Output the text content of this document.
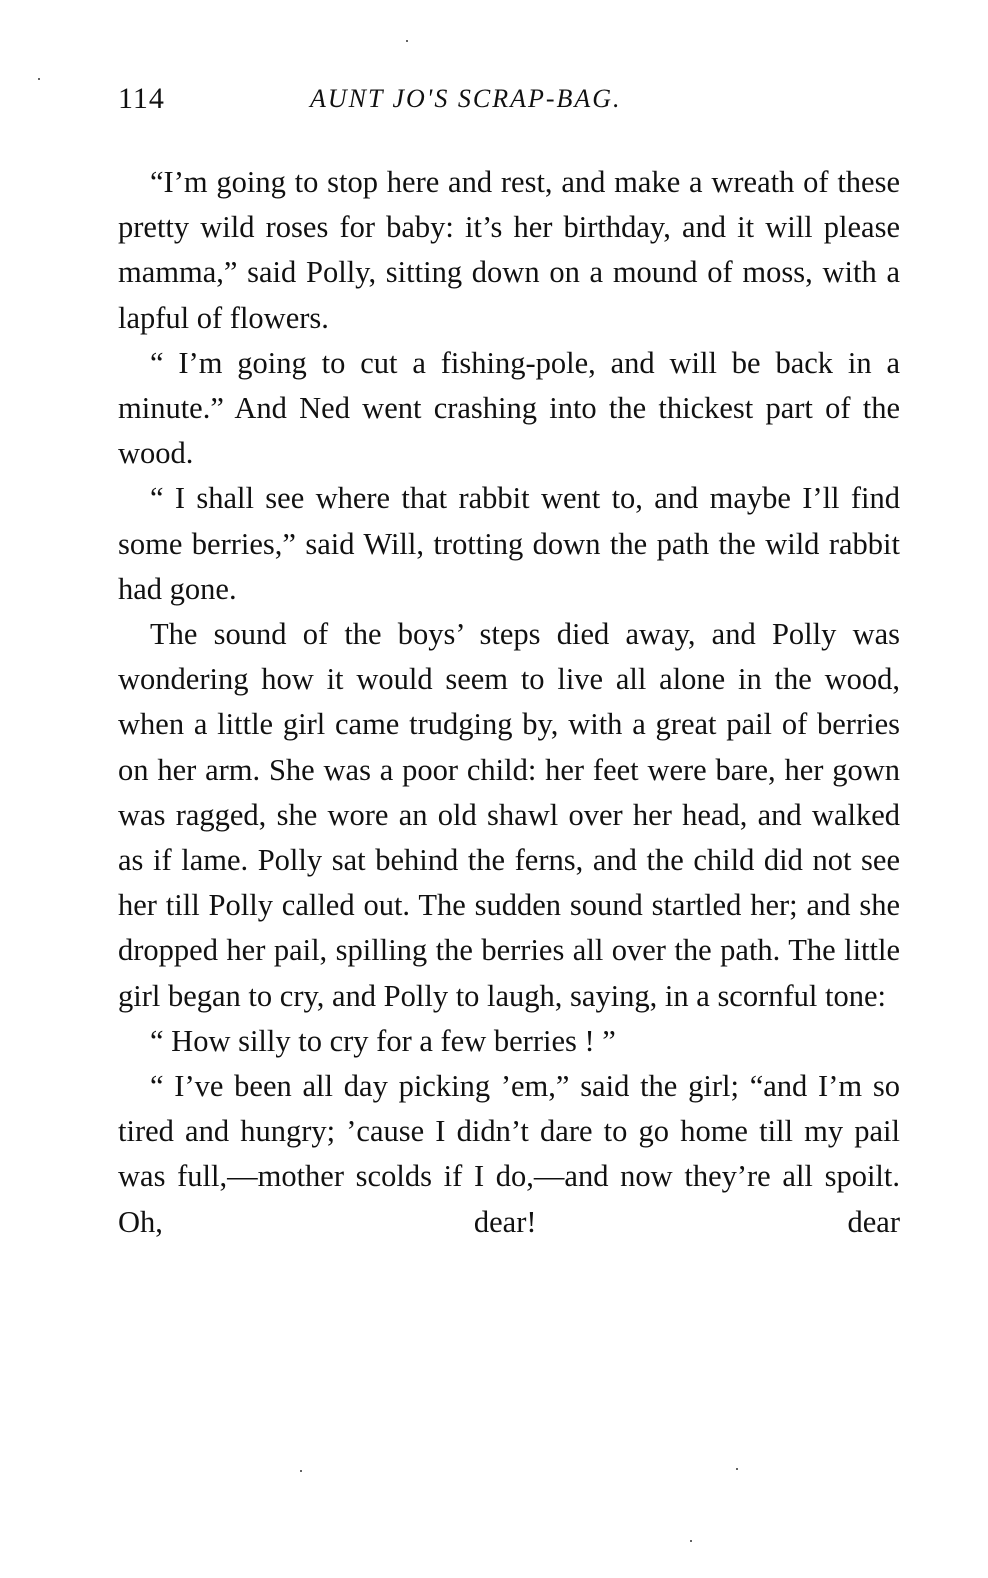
114	AUNT JO'S SCRAP-BAG.

“I’m going to stop here and rest, and make a wreath of these pretty wild roses for baby: it’s her birthday, and it will please mamma,” said Polly, sitting down on a mound of moss, with a lapful of flowers.

“ I’m going to cut a fishing-pole, and will be back in a minute.” And Ned went crashing into the thickest part of the wood.

“ I shall see where that rabbit went to, and maybe I’ll find some berries,” said Will, trotting down the path the wild rabbit had gone.

The sound of the boys’ steps died away, and Polly was wondering how it would seem to live all alone in the wood, when a little girl came trudging by, with a great pail of berries on her arm. She was a poor child: her feet were bare, her gown was ragged, she wore an old shawl over her head, and walked as if lame. Polly sat behind the ferns, and the child did not see her till Polly called out. The sudden sound startled her; and she dropped her pail, spilling the berries all over the path. The little girl began to cry, and Polly to laugh, saying, in a scornful tone:

“ How silly to cry for a few berries ! ”

“ I’ve been all day picking ’em,” said the girl; “and I’m so tired and hungry; ’cause I didn’t dare to go home till my pail was full,—mother scolds if I do,—and now they’re all spoilt. Oh, dear! dear
